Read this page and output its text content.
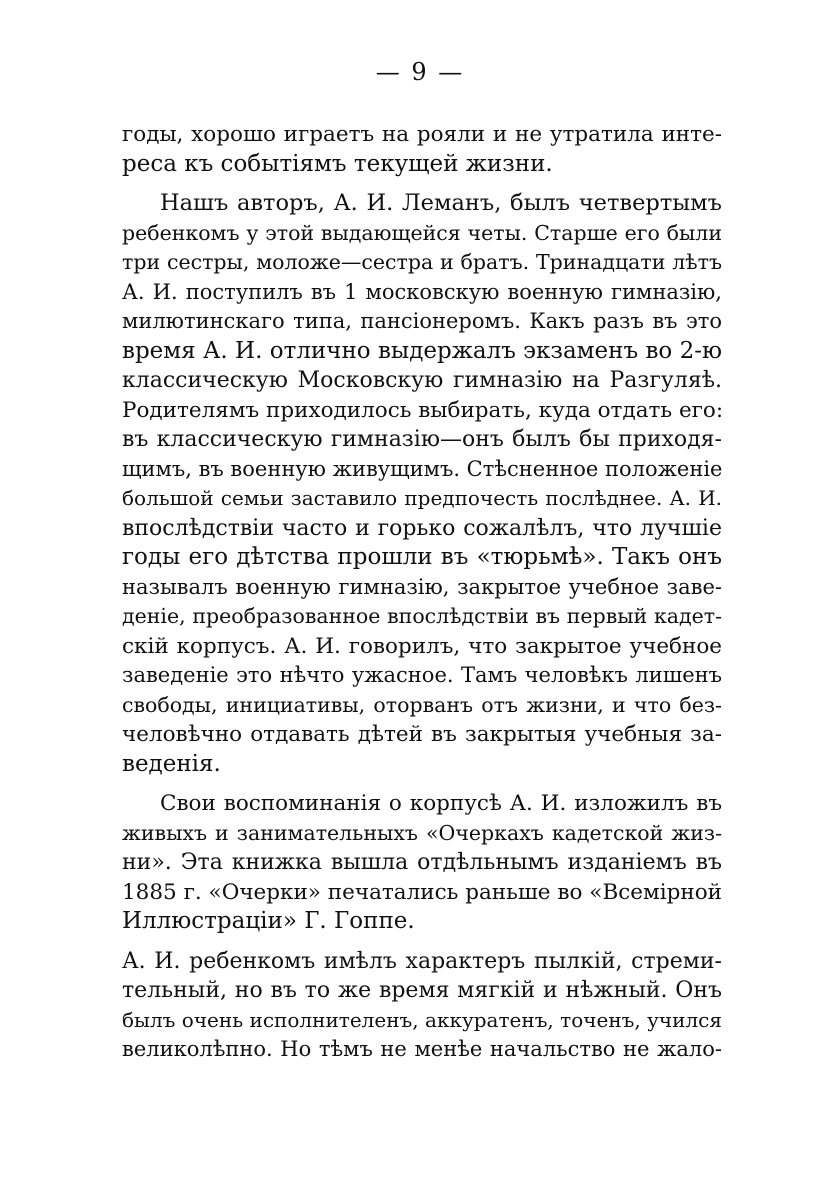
— 9 —
годы, хорошо играетъ на рояли и не утратила инте-
реса къ событіямъ текущей жизни.
Нашъ авторъ, А. И. Леманъ, былъ четвертымъ
ребенкомъ у этой выдающейся четы. Старше его были
три сестры, моложе—сестра и братъ. Тринадцати лѣтъ
А. И. поступилъ въ 1 московскую военную гимназію,
милютинскаго типа, пансіонеромъ. Какъ разъ въ это
время А. И. отлично выдержалъ экзаменъ во 2-ю
классическую Московскую гимназію на Разгуляѣ.
Родителямъ приходилось выбирать, куда отдать его:
въ классическую гимназію—онъ былъ бы приходя-
щимъ, въ военную живущимъ. Стѣсненное положеніе
большой семьи заставило предпочесть послѣднее. А. И.
впослѣдствіи часто и горько сожалѣлъ, что лучшіе
годы его дѣтства прошли въ «тюрьмѣ». Такъ онъ
называлъ военную гимназію, закрытое учебное заве-
деніе, преобразованное впослѣдствіи въ первый кадет-
скій корпусъ. А. И. говорилъ, что закрытое учебное
заведеніе это нѣчто ужасное. Тамъ человѣкъ лишенъ
свободы, инициативы, оторванъ отъ жизни, и что без-
человѣчно отдавать дѣтей въ закрытыя учебныя за-
веденія.
Свои воспоминанія о корпусѣ А. И. изложилъ въ
живыхъ и занимательныхъ «Очеркахъ кадетской жиз-
ни». Эта книжка вышла отдѣльнымъ изданіемъ въ
1885 г. «Очерки» печатались раньше во «Всемірной
Иллюстраціи» Г. Гоппе.
А. И. ребенкомъ имѣлъ характеръ пылкій, стреми-
тельный, но въ то же время мягкій и нѣжный. Онъ
былъ очень исполнителенъ, аккуратенъ, точенъ, учился
великолѣпно. Но тѣмъ не менѣе начальство не жало-
